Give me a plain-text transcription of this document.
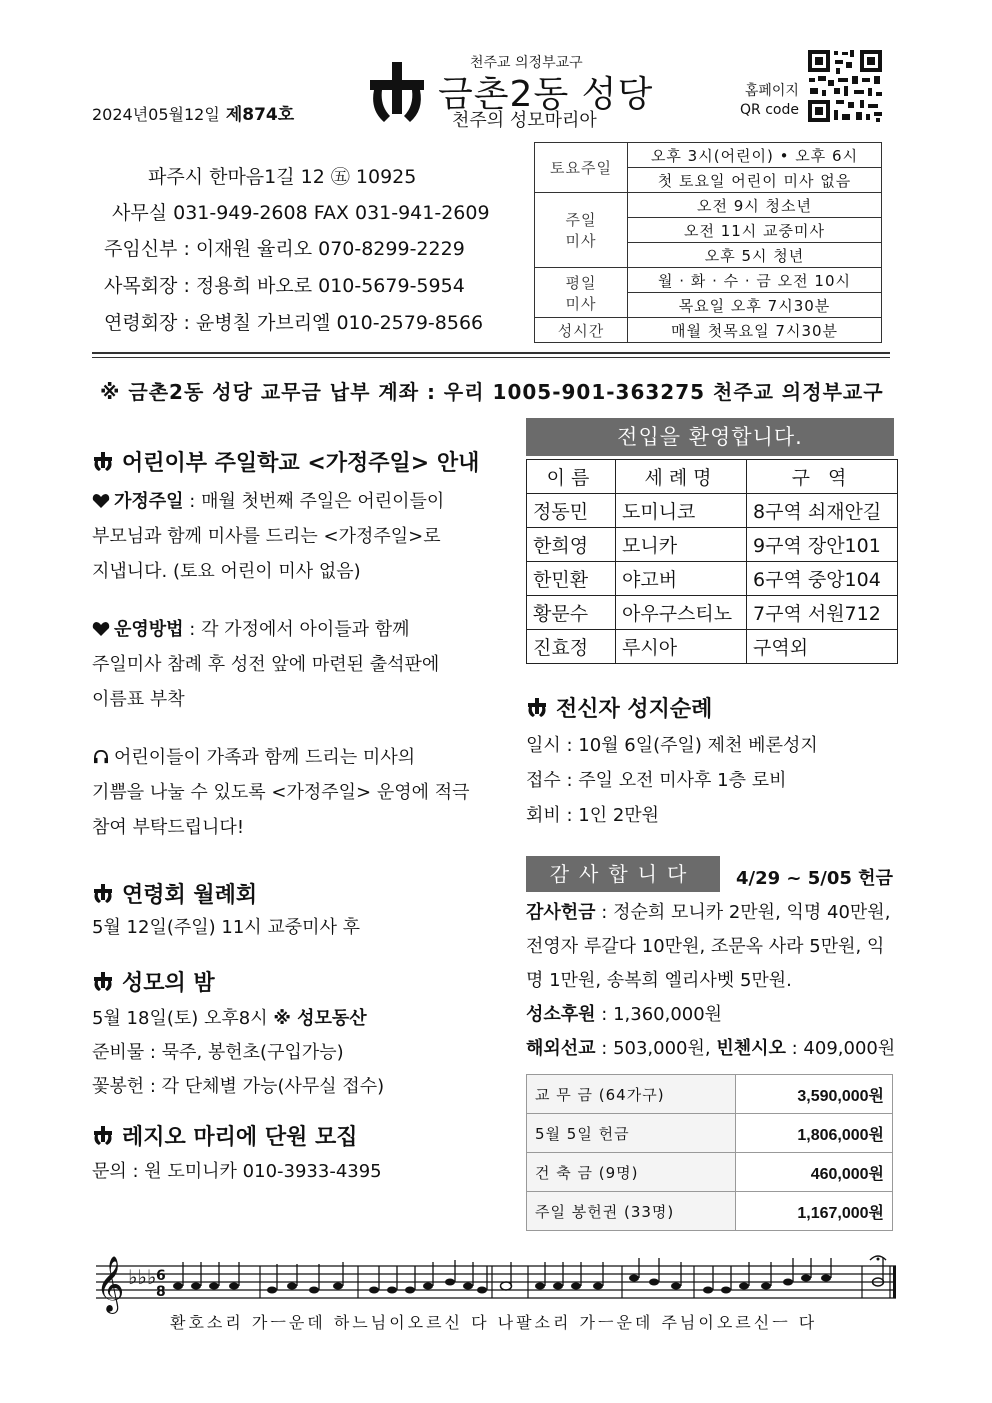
2024년05월12일 제874호
천주교 의정부교구
금촌2동 성당
천주의 성모마리아
홈페이지
QR code
파주시 한마음1길 12 ㊄ 10925
사무실 031-949-2608 FAX 031-941-2609
주임신부 : 이재원 율리오 070-8299-2229
사목회장 : 정용희 바오로 010-5679-5954
연령회장 : 윤병칠 가브리엘 010-2579-8566
토요주일	오후 3시(어린이) • 오후 6시
	첫 토요일 어린이 미사 없음

주일
미사	오전 9시 청소년
	오전 11시 교중미사
	오후 5시 청년

평일
미사	월 · 화 · 수 · 금 오전 10시
	목요일 오후 7시30분
성시간	매월 첫목요일 7시30분
※ 금촌2동 성당 교무금 납부 계좌 : 우리 1005-901-363275 천주교 의정부교구
어린이부 주일학교 <가정주일> 안내
가정주일 : 매월 첫번째 주일은 어린이들이
부모님과 함께 미사를 드리는 <가정주일>로
지냅니다. (토요 어린이 미사 없음)
운영방법 : 각 가정에서 아이들과 함께
주일미사 참례 후 성전 앞에 마련된 출석판에
이름표 부착
어린이들이 가족과 함께 드리는 미사의
기쁨을 나눌 수 있도록 <가정주일> 운영에 적극
참여 부탁드립니다!
연령회 월례회
5월 12일(주일) 11시 교중미사 후
성모의 밤
5월 18일(토) 오후8시 ※ 성모동산
준비물 : 묵주, 봉헌초(구입가능)
꽃봉헌 : 각 단체별 가능(사무실 접수)
레지오 마리에 단원 모집
문의 : 원 도미니카 010-3933-4395
전입을 환영합니다.
이름	세례명	구 역
정동민	도미니코	8구역 쇠재안길
한희영	모니카	9구역 장안101
한민환	야고버	6구역 중앙104
황문수	아우구스티노	7구역 서원712
진효정	루시아	구역외
전신자 성지순례
일시 : 10월 6일(주일) 제천 베론성지
접수 : 주일 오전 미사후 1층 로비
회비 : 1인 2만원
감사합니다	4/29 ~ 5/05 헌금
감사헌금 : 정순희 모니카 2만원, 익명 40만원,
전영자 루갈다 10만원, 조문옥 사라 5만원, 익
명 1만원, 송복희 엘리사벳 5만원.
성소후원 : 1,360,000원
해외선교 : 503,000원, 빈첸시오 : 409,000원
교 무 금 (64가구)	3,590,000원
5월 5일 헌금	1,806,000원
건 축 금 (9명)	460,000원
주일 봉헌권 (33명)	1,167,000원
𝄞 ♭♭♭ 6
8
환호소리 가ㅡ운데 하느님이오르신 다 나팔소리 가ㅡ운데 주님이오르신ㅡ 다
